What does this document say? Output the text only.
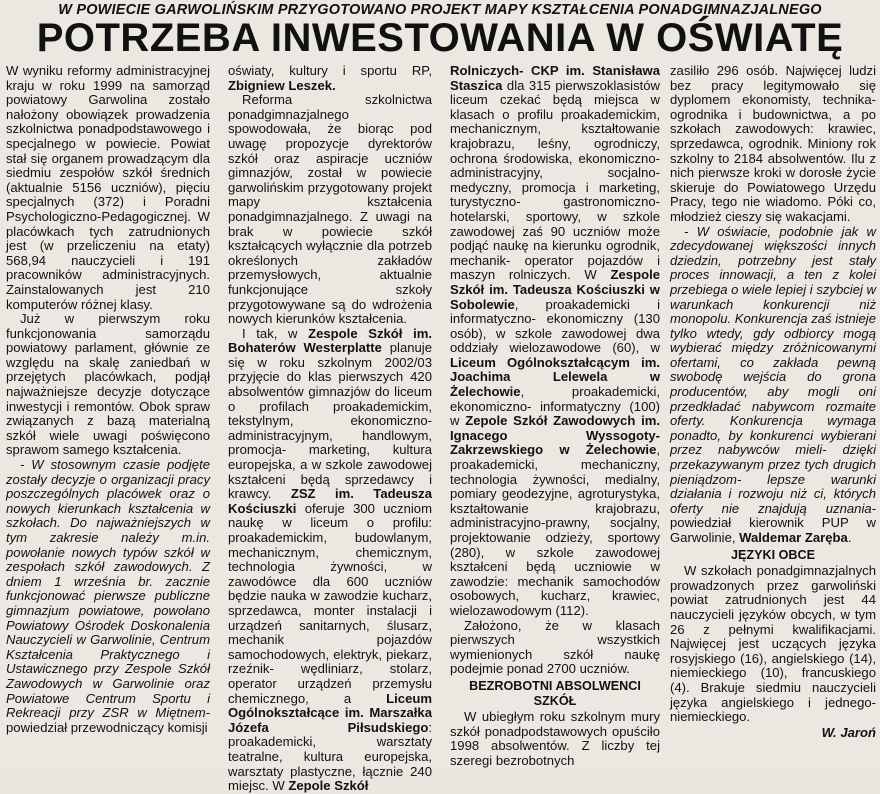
W POWIECIE GARWOLIŃSKIM PRZYGOTOWANO PROJEKT MAPY KSZTAŁCENIA PONADGIMNAZJALNEGO
POTRZEBA INWESTOWANIA W OŚWIATĘ

W wyniku reformy administracyjnej kraju w roku 1999 na samorząd powiatowy Garwolina zostało nałożony obowiązek prowadzenia szkolnictwa ponadpodstawowego i specjalnego w powiecie. Powiat stał się organem prowadzącym dla siedmiu zespołów szkół średnich (aktualnie 5156 uczniów), pięciu specjalnych (372) i Poradni Psychologiczno-Pedagogicznej. W placówkach tych zatrudnionych jest (w przeliczeniu na etaty) 568,94 nauczycieli i 191 pracowników administracyjnych. Zainstalowanych jest 210 komputerów różnej klasy.

Już w pierwszym roku funkcjonowania samorządu powiatowy parlament, głównie ze względu na skalę zaniedbań w przejętych placówkach, podjął najważniejsze decyzje dotyczące inwestycji i remontów. Obok spraw związanych z bazą materialną szkół wiele uwagi poświęcono sprawom samego kształcenia.

- W stosownym czasie podjęte zostały decyzje o organizacji pracy poszczególnych placówek oraz o nowych kierunkach kształcenia w szkołach. Do najważniejszych w tym zakresie należy m.in. powołanie nowych typów szkół w zespołach szkół zawodowych. Z dniem 1 września br. zacznie funkcjonować pierwsze publiczne gimnazjum powiatowe, powołano Powiatowy Ośrodek Doskonalenia Nauczycieli w Garwolinie, Centrum Kształcenia Praktycznego i Ustawicznego przy Zespole Szkół Zawodowych w Garwolinie oraz Powiatowe Centrum Sportu i Rekreacji przy ZSR w Miętnem- powiedział przewodniczący komisji

oświaty, kultury i sportu RP, Zbigniew Leszek.

Reforma szkolnictwa ponadgimnazjalnego spowodowała, że biorąc pod uwagę propozycje dyrektorów szkół oraz aspiracje uczniów gimnazjów, został w powiecie garwolińskim przygotowany projekt mapy kształcenia ponadgimnazjalnego. Z uwagi na brak w powiecie szkół kształcących wyłącznie dla potrzeb określonych zakładów przemysłowych, aktualnie funkcjonujące szkoły przygotowywane są do wdrożenia nowych kierunków kształcenia.

I tak, w Zespole Szkół im. Bohaterów Westerplatte planuje się w roku szkolnym 2002/03 przyjęcie do klas pierwszych 420 absolwentów gimnazjów do liceum o profilach proakademickim, tekstylnym, ekonomiczno-administracyjnym, handlowym, promocja- marketing, kultura europejska, a w szkole zawodowej kształceni będą sprzedawcy i krawcy. ZSZ im. Tadeusza Kościuszki oferuje 300 uczniom naukę w liceum o profilu: proakademickim, budowlanym, mechanicznym, chemicznym, technologia żywności, w zawodówce dla 600 uczniów będzie nauka w zawodzie kucharz, sprzedawca, monter instalacji i urządzeń sanitarnych, ślusarz, mechanik pojazdów samochodowych, elektryk, piekarz, rzeźnik- wędliniarz, stolarz, operator urządzeń przemysłu chemicznego, a Liceum Ogólnokształcące im. Marszałka Józefa Piłsudskiego: proakademicki, warsztaty teatralne, kultura europejska, warsztaty plastyczne, łącznie 240 miejsc. W Zepole Szkół

Rolniczych- CKP im. Stanisława Staszica dla 315 pierwszoklasistów liceum czekać będą miejsca w klasach o profilu proakademickim, mechanicznym, kształtowanie krajobrazu, leśny, ogrodniczy, ochrona środowiska, ekonomiczno- administracyjny, socjalno-medyczny, promocja i marketing, turystyczno- gastronomiczno- hotelarski, sportowy, w szkole zawodowej zaś 90 uczniów może podjąć naukę na kierunku ogrodnik, mechanik- operator pojazdów i maszyn rolniczych. W Zespole Szkół im. Tadeusza Kościuszki w Sobolewie, proakademicki i informatyczno- ekonomiczny (130 osób), w szkole zawodowej dwa oddziały wielozawodowe (60), w Liceum Ogólnokształcącym im. Joachima Lelewela w Żelechowie, proakademicki, ekonomiczno- informatyczny (100) w Zepole Szkół Zawodowych im. Ignacego Wyssogoty- Zakrzewskiego w Żelechowie, proakademicki, mechaniczny, technologia żywności, medialny, pomiary geodezyjne, agroturystyka, kształtowanie krajobrazu, administracyjno-prawny, socjalny, projektowanie odzieży, sportowy (280), w szkole zawodowej kształceni będą uczniowie w zawodzie: mechanik samochodów osobowych, kucharz, krawiec, wielozawodowym (112).

Założono, że w klasach pierwszych wszystkich wymienionych szkół naukę podejmie ponad 2700 uczniów.

BEZROBOTNI ABSOLWENCI SZKÓŁ

W ubiegłym roku szkolnym mury szkół ponadpodstawowych opuściło 1998 absolwentów. Z liczby tej szeregi bezrobotnych

zasiliło 296 osób. Najwięcej ludzi bez pracy legitymowało się dyplomem ekonomisty, technika-ogrodnika i budownictwa, a po szkołach zawodowych: krawiec, sprzedawca, ogrodnik. Miniony rok szkolny to 2184 absolwentów. Ilu z nich pierwsze kroki w dorosłe życie skieruje do Powiatowego Urzędu Pracy, tego nie wiadomo. Póki co, młodzież cieszy się wakacjami.

- W oświacie, podobnie jak w zdecydowanej większości innych dziedzin, potrzebny jest stały proces innowacji, a ten z kolei przebiega o wiele lepiej i szybciej w warunkach konkurencji niż monopolu. Konkurencja zaś istnieje tylko wtedy, gdy odbiorcy mogą wybierać między zróżnicowanymi ofertami, co zakłada pewną swobodę wejścia do grona producentów, aby mogli oni przedkładać nabywcom rozmaite oferty. Konkurencja wymaga ponadto, by konkurenci wybierani przez nabywców mieli- dzięki przekazywanym przez tych drugich pieniądzom- lepsze warunki działania i rozwoju niż ci, których oferty nie znajdują uznania- powiedział kierownik PUP w Garwolinie, Waldemar Zaręba.

JĘZYKI OBCE

W szkołach ponadgimnazjalnych prowadzonych przez garwoliński powiat zatrudnionych jest 44 nauczycieli języków obcych, w tym 26 z pełnymi kwalifikacjami. Najwięcej jest uczących języka rosyjskiego (16), angielskiego (14), niemieckiego (10), francuskiego (4). Brakuje siedmiu nauczycieli języka angielskiego i jednego- niemieckiego.

W. Jaroń
